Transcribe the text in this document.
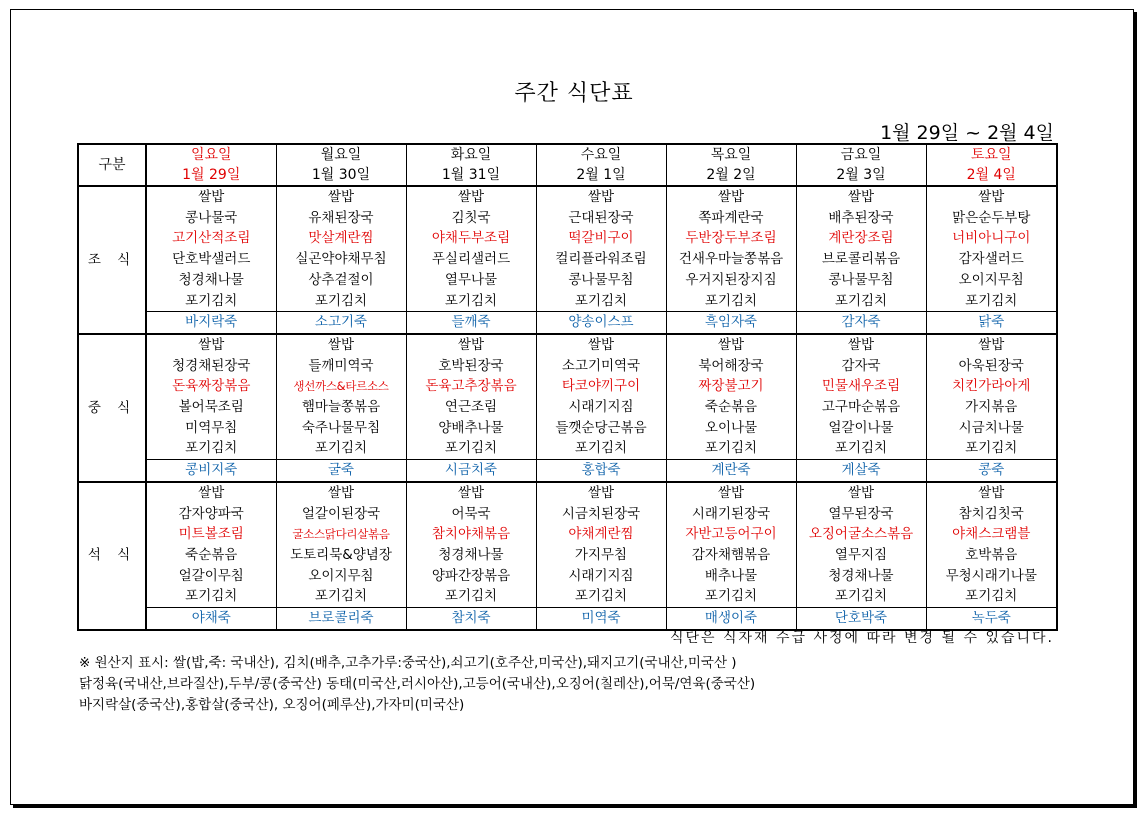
주간 식단표
1월 29일 ~ 2월 4일
구분	일요일	월요일	화요일	수요일	목요일	금요일	토요일
	1월 29일	1월 30일	1월 31일	2월 1일	2월 2일	2월 3일	2월 4일
조 식	쌀밥	쌀밥	쌀밥	쌀밥	쌀밥	쌀밥	쌀밥
	콩나물국	유채된장국	김칫국	근대된장국	쪽파계란국	배추된장국	맑은순두부탕
	고기산적조림	맛살계란찜	야채두부조림	떡갈비구이	두반장두부조림	계란장조림	너비아니구이
	단호박샐러드	실곤약야채무침	푸실리샐러드	컬리플라워조림	건새우마늘쫑볶음	브로콜리볶음	감자샐러드
	청경채나물	상추겉절이	열무나물	콩나물무침	우거지된장지짐	콩나물무침	오이지무침
	포기김치	포기김치	포기김치	포기김치	포기김치	포기김치	포기김치
	바지락죽	소고기죽	들깨죽	양송이스프	흑임자죽	감자죽	닭죽
중 식	쌀밥	쌀밥	쌀밥	쌀밥	쌀밥	쌀밥	쌀밥
	청경채된장국	들깨미역국	호박된장국	소고기미역국	북어해장국	감자국	아욱된장국
	돈육짜장볶음	생선까스&타르소스	돈육고추장볶음	타코야끼구이	짜장불고기	민물새우조림	치킨가라아게
	볼어묵조림	햄마늘쫑볶음	연근조림	시래기지짐	죽순볶음	고구마순볶음	가지볶음
	미역무침	숙주나물무침	양배추나물	들깻순당근볶음	오이나물	얼갈이나물	시금치나물
	포기김치	포기김치	포기김치	포기김치	포기김치	포기김치	포기김치
	콩비지죽	굴죽	시금치죽	홍합죽	계란죽	게살죽	콩죽
석 식	쌀밥	쌀밥	쌀밥	쌀밥	쌀밥	쌀밥	쌀밥
	감자양파국	얼갈이된장국	어묵국	시금치된장국	시래기된장국	열무된장국	참치김칫국
	미트볼조림	굴소스닭다리살볶음	참치야채볶음	야채계란찜	자반고등어구이	오징어굴소스볶음	야채스크램블
	죽순볶음	도토리묵&양념장	청경채나물	가지무침	감자채햄볶음	열무지짐	호박볶음
	얼갈이무침	오이지무침	양파간장볶음	시래기지짐	배추나물	청경채나물	무청시래기나물
	포기김치	포기김치	포기김치	포기김치	포기김치	포기김치	포기김치
	야채죽	브로콜리죽	참치죽	미역죽	매생이죽	단호박죽	녹두죽
식단은 식자재 수급 사정에 따라 변경 될 수 있습니다.
※ 원산지 표시: 쌀(밥,죽: 국내산), 김치(배추,고추가루:중국산),쇠고기(호주산,미국산),돼지고기(국내산,미국산 )
닭정육(국내산,브라질산),두부/콩(중국산) 동태(미국산,러시아산),고등어(국내산),오징어(칠레산),어묵/연육(중국산)
바지락살(중국산),홍합살(중국산), 오징어(페루산),가자미(미국산)
